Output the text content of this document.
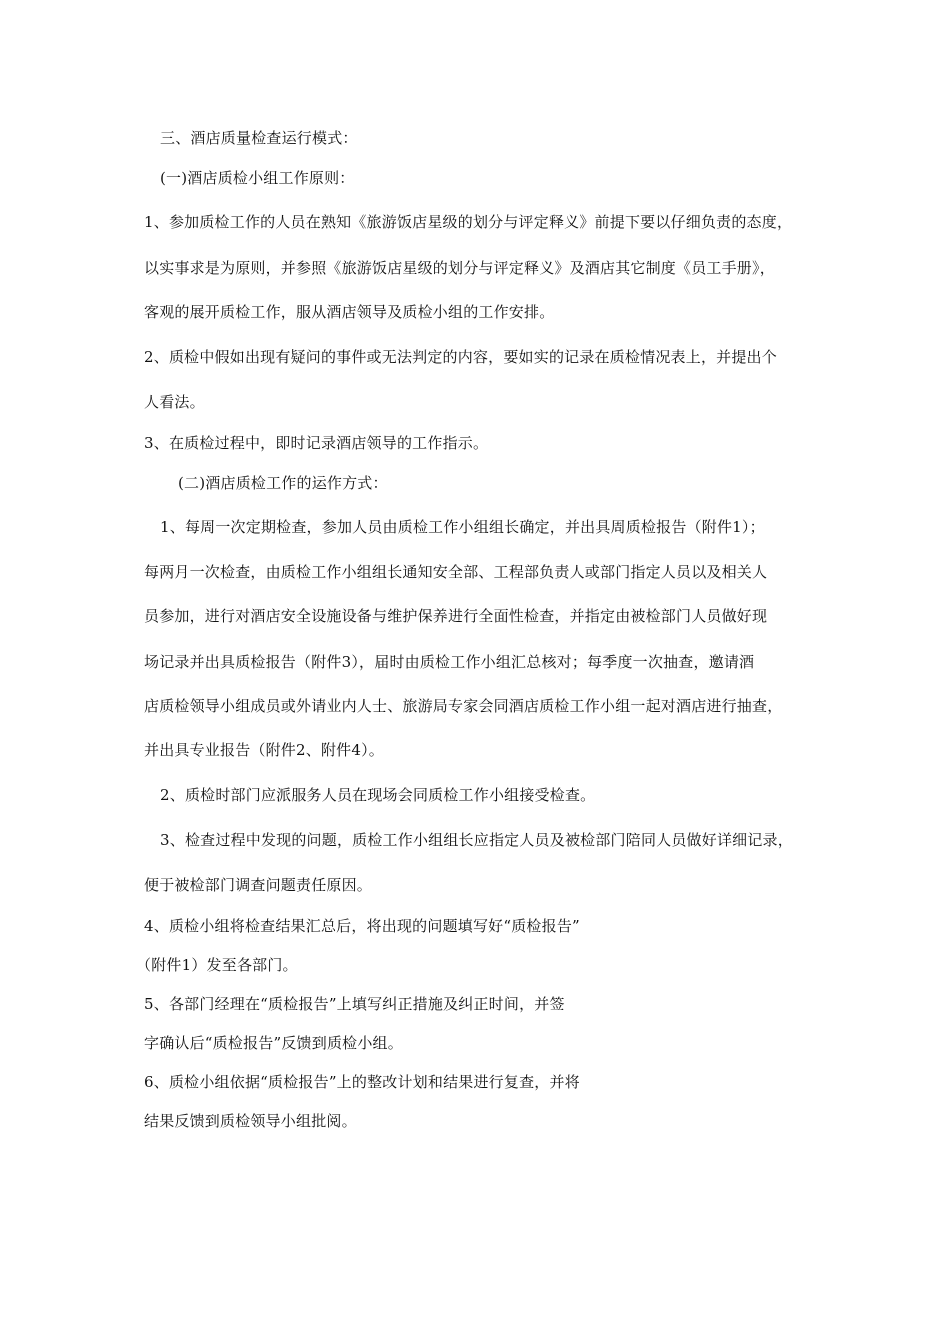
三、酒店质量检查运行模式：
(一)酒店质检小组工作原则：
1、参加质检工作的人员在熟知《旅游饭店星级的划分与评定释义》前提下要以仔细负责的态度，
以实事求是为原则，并参照《旅游饭店星级的划分与评定释义》及酒店其它制度《员工手册》，
客观的展开质检工作，服从酒店领导及质检小组的工作安排。
2、质检中假如出现有疑问的事件或无法判定的内容，要如实的记录在质检情况表上，并提出个
人看法。
3、在质检过程中，即时记录酒店领导的工作指示。
(二)酒店质检工作的运作方式：
1、每周一次定期检查，参加人员由质检工作小组组长确定，并出具周质检报告（附件1）；
每两月一次检查，由质检工作小组组长通知安全部、工程部负责人或部门指定人员以及相关人
员参加，进行对酒店安全设施设备与维护保养进行全面性检查，并指定由被检部门人员做好现
场记录并出具质检报告（附件3），届时由质检工作小组汇总核对；每季度一次抽查，邀请酒
店质检领导小组成员或外请业内人士、旅游局专家会同酒店质检工作小组一起对酒店进行抽查，
并出具专业报告（附件2、附件4）。
2、质检时部门应派服务人员在现场会同质检工作小组接受检查。
3、检查过程中发现的问题，质检工作小组组长应指定人员及被检部门陪同人员做好详细记录，
便于被检部门调查问题责任原因。
4、质检小组将检查结果汇总后，将出现的问题填写好“质检报告”
（附件1）发至各部门。
5、各部门经理在“质检报告”上填写纠正措施及纠正时间，并签
字确认后“质检报告”反馈到质检小组。
6、质检小组依据“质检报告”上的整改计划和结果进行复查，并将
结果反馈到质检领导小组批阅。
